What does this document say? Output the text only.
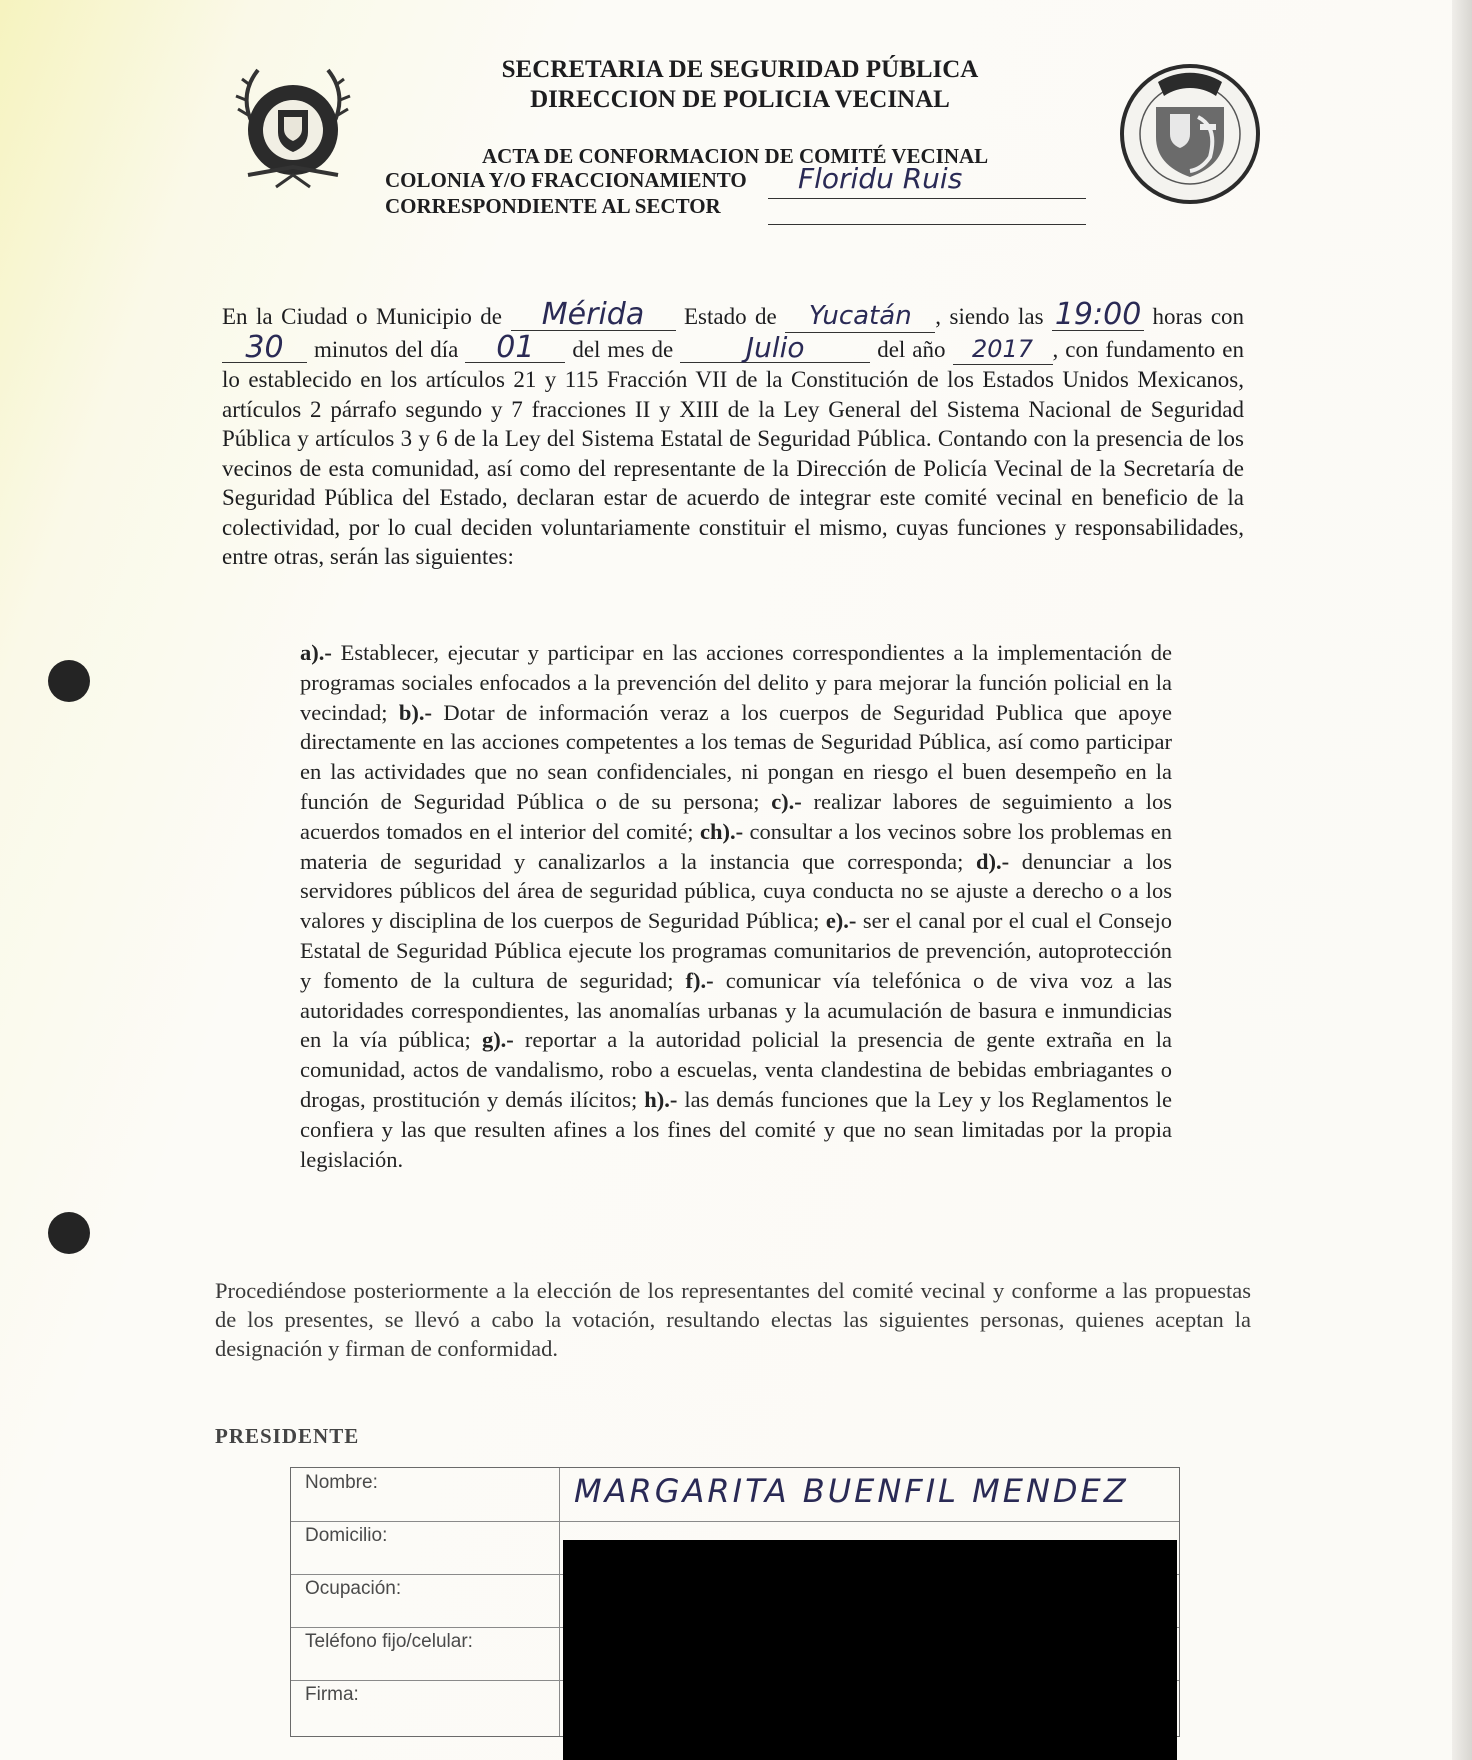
SECRETARIA DE SEGURIDAD PÚBLICA
DIRECCION DE POLICIA VECINAL
ACTA DE CONFORMACION DE COMITÉ VECINAL
COLONIA Y/O FRACCIONAMIENTO Floridu Ruis
CORRESPONDIENTE AL SECTOR
En la Ciudad o Municipio de Mérida Estado de Yucatán , siendo las 19:00 horas con 30 minutos del día 01 del mes de	Julio	del año 2017 , con fundamento en lo establecido en los artículos 21 y 115 Fracción VII de la Constitución de los Estados Unidos Mexicanos, artículos 2 párrafo segundo y 7 fracciones II y XIII de la Ley General del Sistema Nacional de Seguridad Pública y artículos 3 y 6 de la Ley del Sistema Estatal de Seguridad Pública. Contando con la presencia de los vecinos de esta comunidad, así como del representante de la Dirección de Policía Vecinal de la Secretaría de Seguridad Pública del Estado, declaran estar de acuerdo de integrar este comité vecinal en beneficio de la colectividad, por lo cual deciden voluntariamente constituir el mismo, cuyas funciones y responsabilidades, entre otras, serán las siguientes:
a).- Establecer, ejecutar y participar en las acciones correspondientes a la implementación de programas sociales enfocados a la prevención del delito y para mejorar la función policial en la vecindad; b).- Dotar de información veraz a los cuerpos de Seguridad Publica que apoye directamente en las acciones competentes a los temas de Seguridad Pública, así como participar en las actividades que no sean confidenciales, ni pongan en riesgo el buen desempeño en la función de Seguridad Pública o de su persona; c).- realizar labores de seguimiento a los acuerdos tomados en el interior del comité; ch).- consultar a los vecinos sobre los problemas en materia de seguridad y canalizarlos a la instancia que corresponda; d).- denunciar a los servidores públicos del área de seguridad pública, cuya conducta no se ajuste a derecho o a los valores y disciplina de los cuerpos de Seguridad Pública; e).- ser el canal por el cual el Consejo Estatal de Seguridad Pública ejecute los programas comunitarios de prevención, autoprotección y fomento de la cultura de seguridad; f).- comunicar vía telefónica o de viva voz a las autoridades correspondientes, las anomalías urbanas y la acumulación de basura e inmundicias en la vía pública; g).- reportar a la autoridad policial la presencia de gente extraña en la comunidad, actos de vandalismo, robo a escuelas, venta clandestina de bebidas embriagantes o drogas, prostitución y demás ilícitos; h).- las demás funciones que la Ley y los Reglamentos le confiera y las que resulten afines a los fines del comité y que no sean limitadas por la propia legislación.
Procediéndose posteriormente a la elección de los representantes del comité vecinal y conforme a las propuestas de los presentes, se llevó a cabo la votación, resultando electas las siguientes personas, quienes aceptan la designación y firman de conformidad.
PRESIDENTE
Nombre:	MARGARITA BUENFIL MENDEZ
Domicilio:
Ocupación:
Teléfono fijo/celular:
Firma:
